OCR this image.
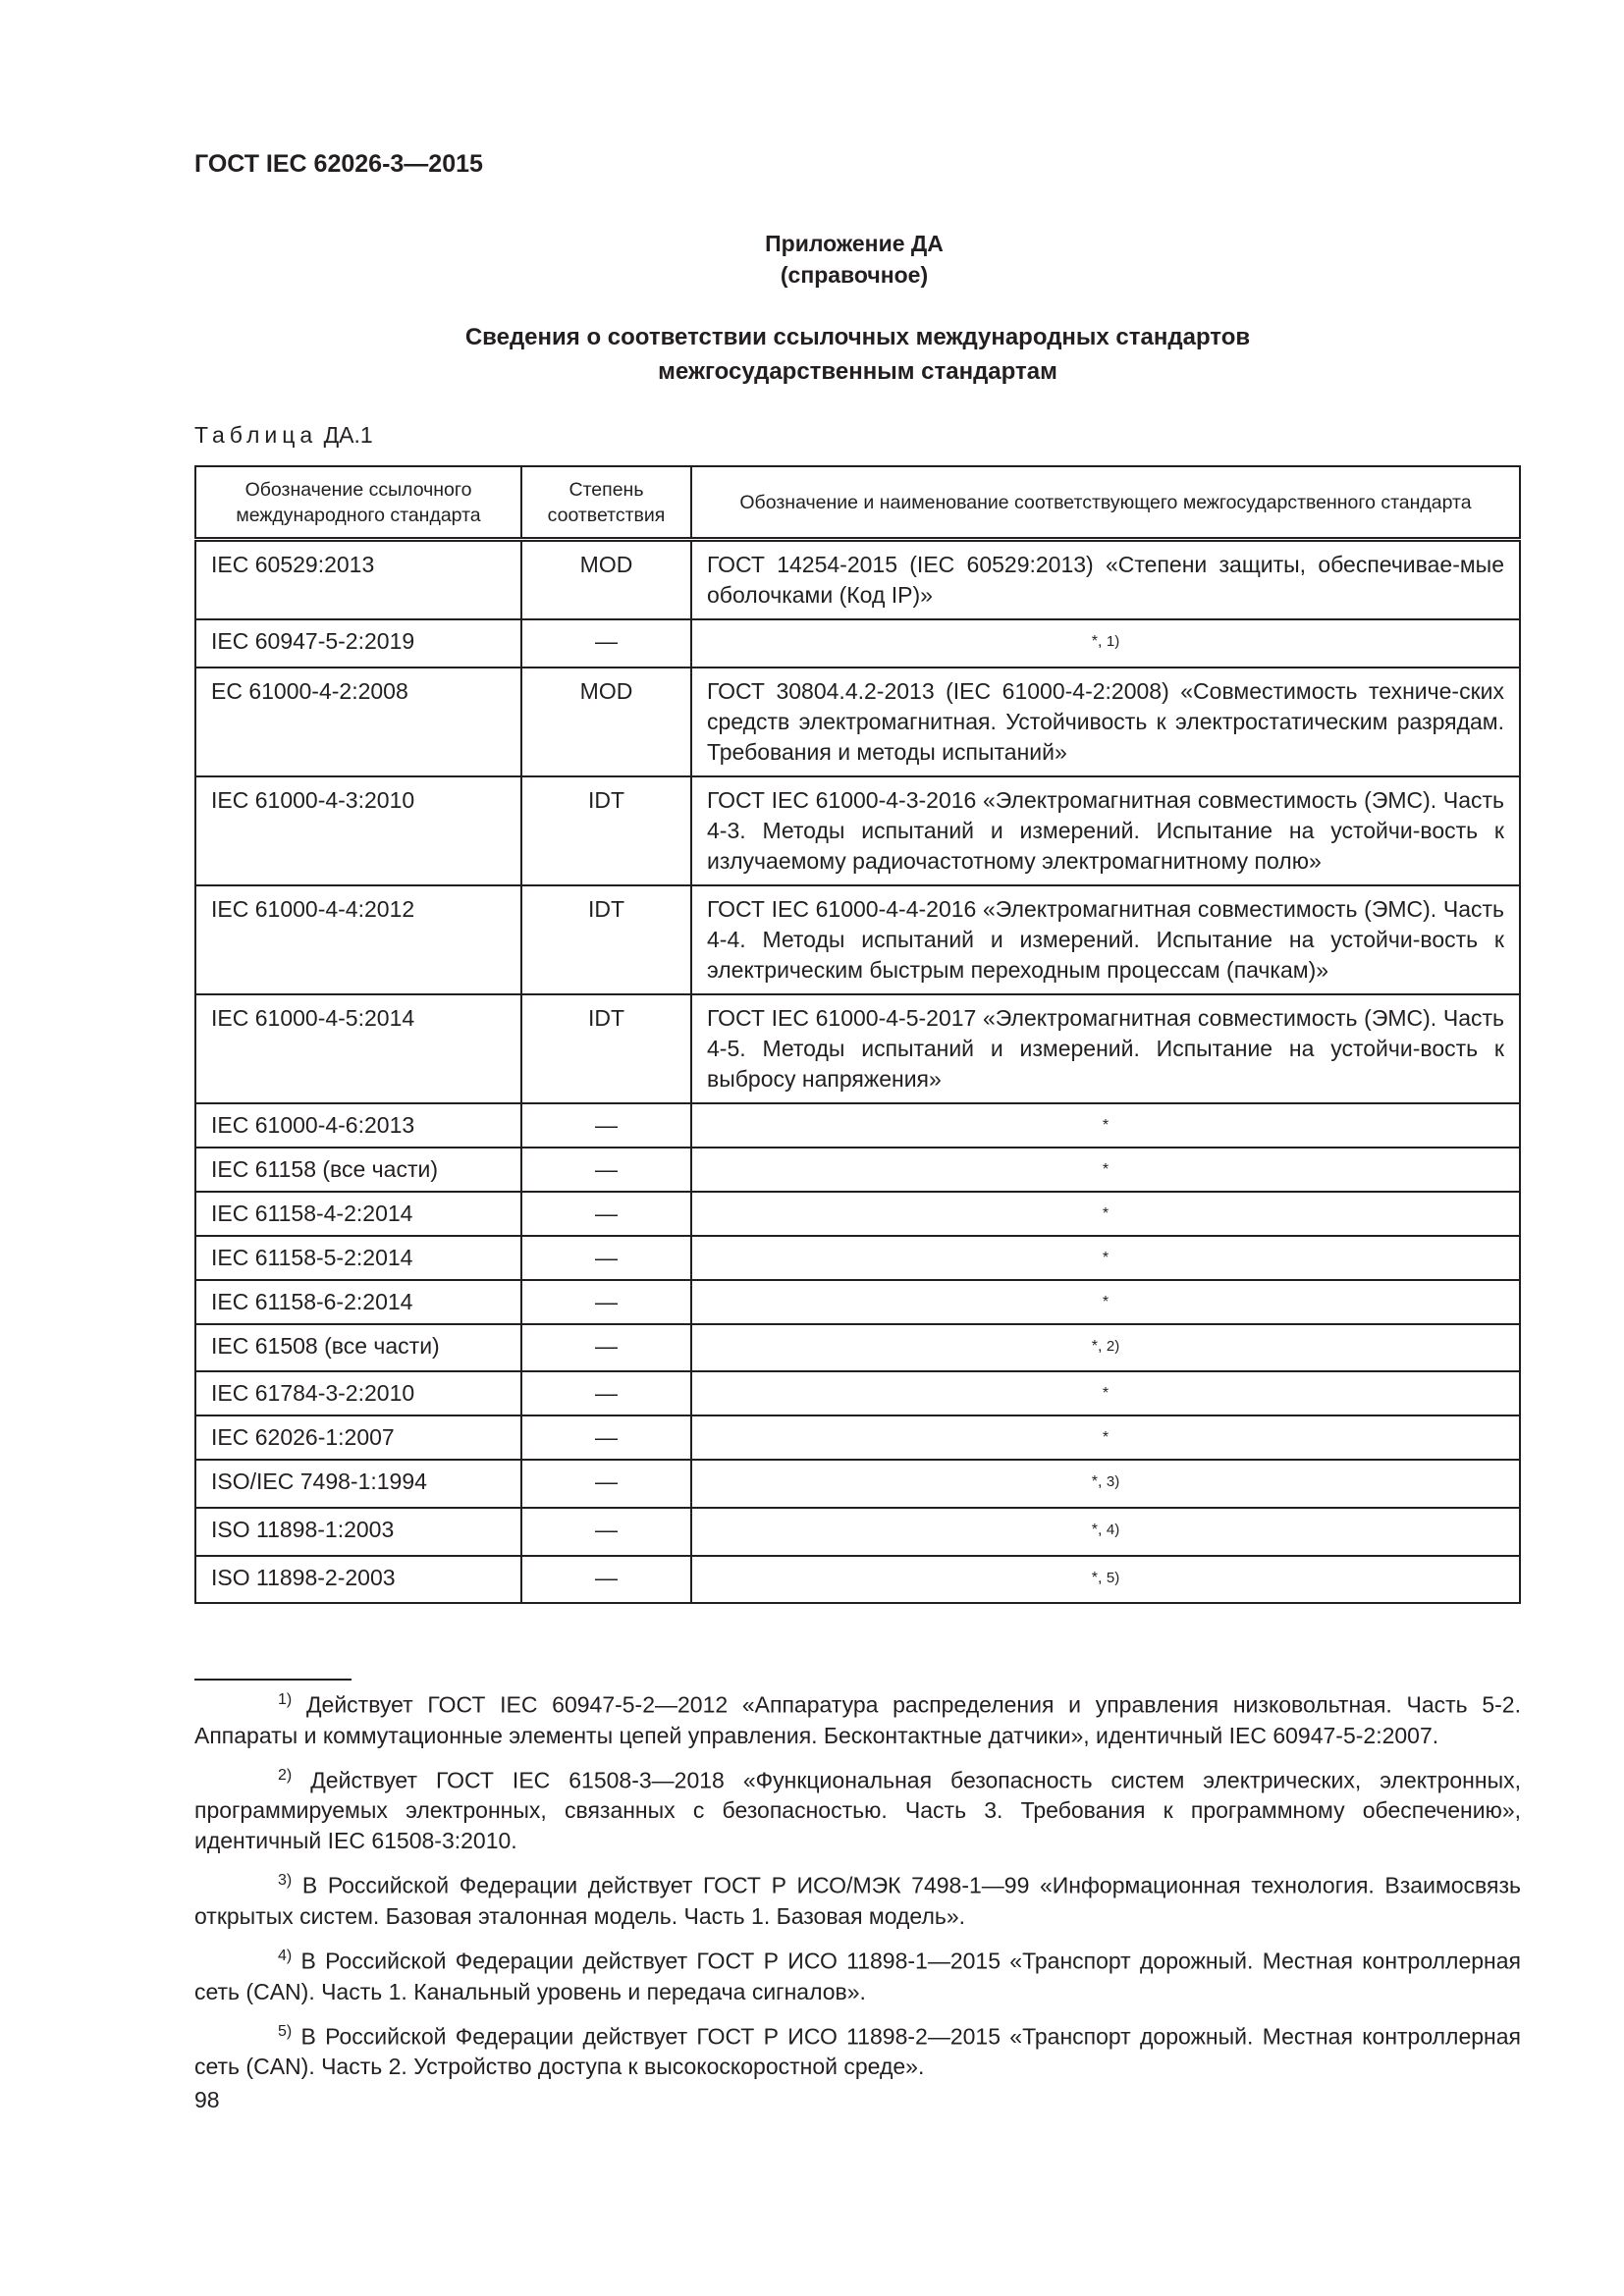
ГОСТ IEC 62026-3—2015
Приложение ДА
(справочное)
Сведения о соответствии ссылочных международных стандартов
межгосударственным стандартам
Таблица ДА.1
Обозначение ссылочного международного стандарта	Степень соответствия	Обозначение и наименование соответствующего межгосударственного стандарта
IEC 60529:2013	MOD	ГОСТ 14254-2015 (IEC 60529:2013) «Степени защиты, обеспечивае-мые оболочками (Код IP)»
IEC 60947-5-2:2019	—	*, $^{1)}$
EC 61000-4-2:2008	MOD	ГОСТ 30804.4.2-2013 (IEC 61000-4-2:2008) «Совместимость техниче-ских средств электромагнитная. Устойчивость к электростатическим разрядам. Требования и методы испытаний»
IEC 61000-4-3:2010	IDT	ГОСТ IEC 61000-4-3-2016 «Электромагнитная совместимость (ЭМС). Часть 4-3. Методы испытаний и измерений. Испытание на устойчи-вость к излучаемому радиочастотному электромагнитному полю»
IEC 61000-4-4:2012	IDT	ГОСТ IEC 61000-4-4-2016 «Электромагнитная совместимость (ЭМС). Часть 4-4. Методы испытаний и измерений. Испытание на устойчи-вость к электрическим быстрым переходным процессам (пачкам)»
IEC 61000-4-5:2014	IDT	ГОСТ IEC 61000-4-5-2017 «Электромагнитная совместимость (ЭМС). Часть 4-5. Методы испытаний и измерений. Испытание на устойчи-вость к выбросу напряжения»
IEC 61000-4-6:2013	—	*
IEC 61158 (все части)	—	*
IEC 61158-4-2:2014	—	*
IEC 61158-5-2:2014	—	*
IEC 61158-6-2:2014	—	*
IEC 61508 (все части)	—	*, $^{2)}$
IEC 61784-3-2:2010	—	*
IEC 62026-1:2007	—	*
ISO/IEC 7498-1:1994	—	*, $^{3)}$
ISO 11898-1:2003	—	*, $^{4)}$
ISO 11898-2-2003	—	*, $^{5)}$
$^{1)}$ Действует ГОСТ IEC 60947-5-2—2012 «Аппаратура распределения и управления низковольтная. Часть 5-2. Аппараты и коммутационные элементы цепей управления. Бесконтактные датчики», идентичный IEC 60947-5-2:2007.
$^{2)}$ Действует ГОСТ IEC 61508-3—2018 «Функциональная безопасность систем электрических, электронных, программируемых электронных, связанных с безопасностью. Часть 3. Требования к программному обеспечению», идентичный IEC 61508-3:2010.
$^{3)}$ В Российской Федерации действует ГОСТ Р ИСО/МЭК 7498-1—99 «Информационная технология. Взаимосвязь открытых систем. Базовая эталонная модель. Часть 1. Базовая модель».
$^{4)}$ В Российской Федерации действует ГОСТ Р ИСО 11898-1—2015 «Транспорт дорожный. Местная контроллерная сеть (CAN). Часть 1. Канальный уровень и передача сигналов».
$^{5)}$ В Российской Федерации действует ГОСТ Р ИСО 11898-2—2015 «Транспорт дорожный. Местная контроллерная сеть (CAN). Часть 2. Устройство доступа к высокоскоростной среде».
98
